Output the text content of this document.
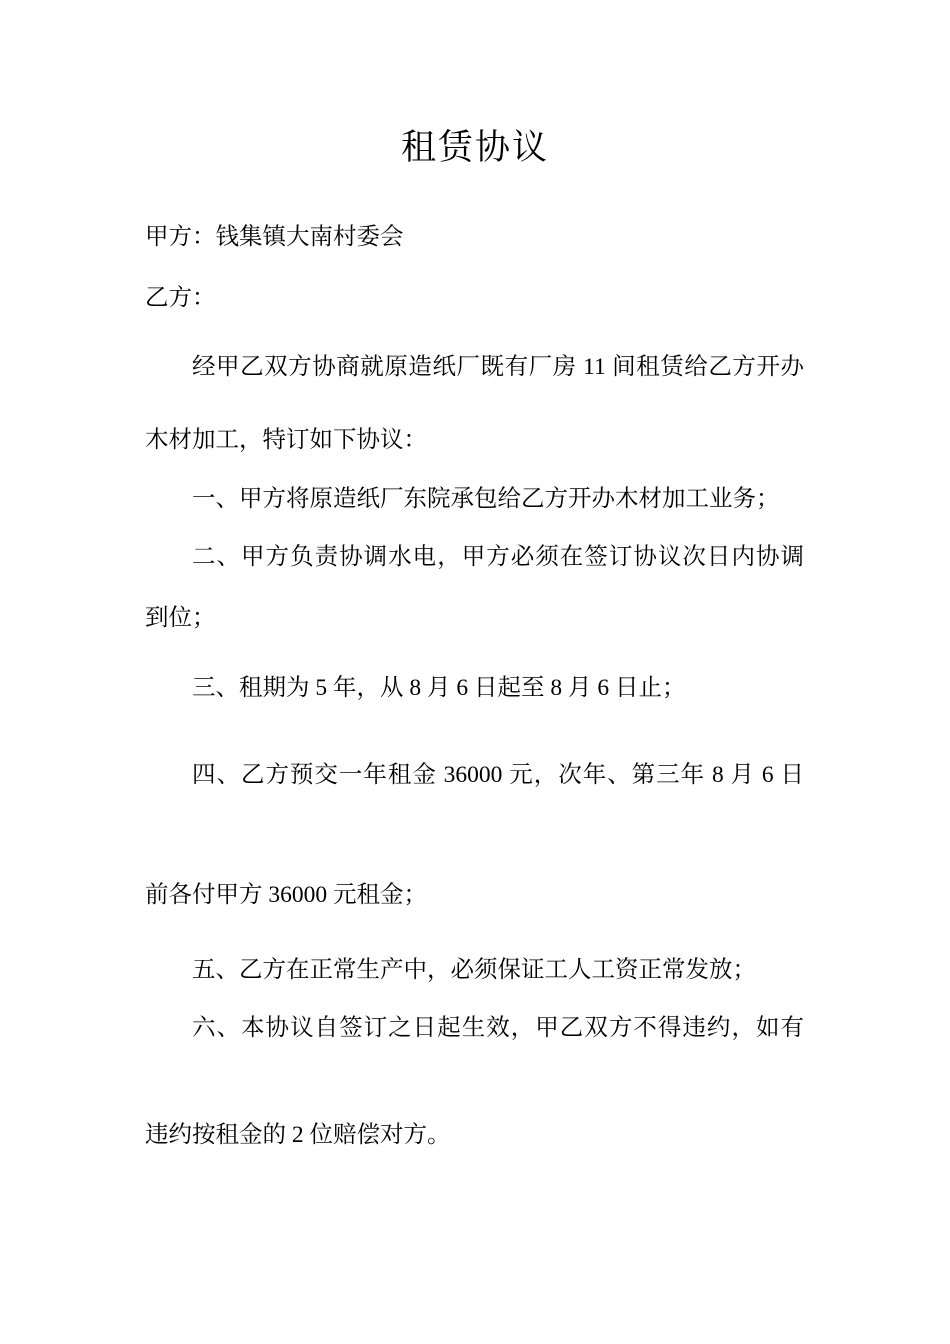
租赁协议
甲方：钱集镇大南村委会
乙方：
经甲乙双方协商就原造纸厂既有厂房 11 间租赁给乙方开办
木材加工，特订如下协议：
一、甲方将原造纸厂东院承包给乙方开办木材加工业务；
二、甲方负责协调水电，甲方必须在签订协议次日内协调
到位；
三、租期为 5 年，从 8 月 6 日起至 8 月 6 日止；
四、乙方预交一年租金 36000 元，次年、第三年 8 月 6 日
前各付甲方 36000 元租金；
五、乙方在正常生产中，必须保证工人工资正常发放；
六、本协议自签订之日起生效，甲乙双方不得违约，如有
违约按租金的 2 位赔偿对方。
